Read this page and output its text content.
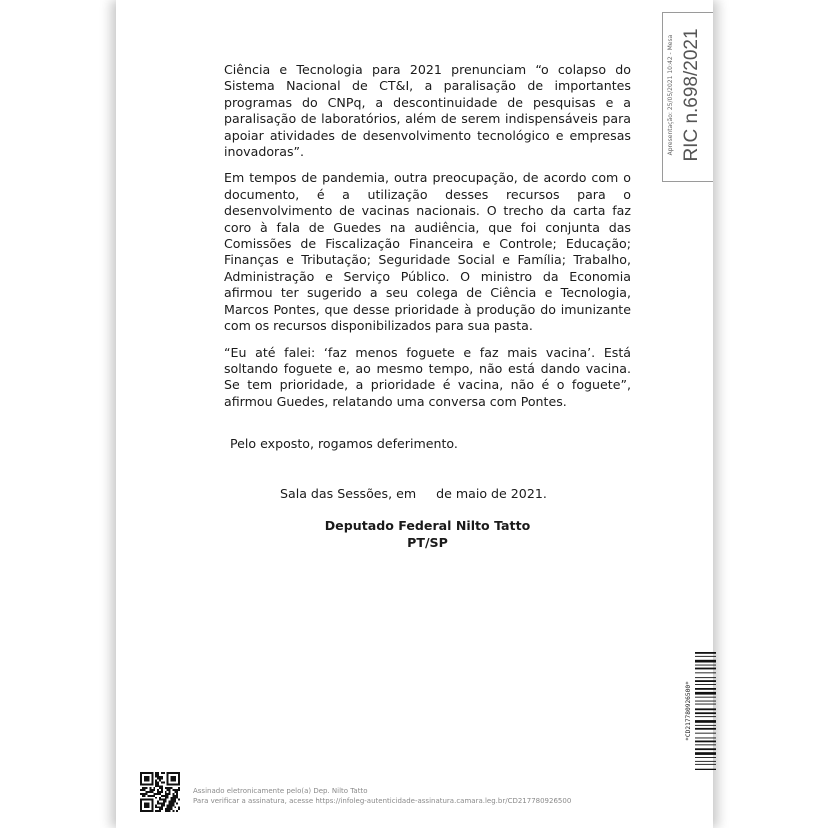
Ciência e Tecnologia para 2021 prenunciam “o colapso do Sistema Nacional de CT&I, a paralisação de importantes programas do CNPq, a descontinuidade de pesquisas e a paralisação de laboratórios, além de serem indispensáveis para apoiar atividades de desenvolvimento tecnológico e empresas inovadoras”.

Em tempos de pandemia, outra preocupação, de acordo com o documento, é a utilização desses recursos para o desenvolvimento de vacinas nacionais. O trecho da carta faz coro à fala de Guedes na audiência, que foi conjunta das Comissões de Fiscalização Financeira e Controle; Educação; Finanças e Tributação; Seguridade Social e Família; Trabalho, Administração e Serviço Público. O ministro da Economia afirmou ter sugerido a seu colega de Ciência e Tecnologia, Marcos Pontes, que desse prioridade à produção do imunizante com os recursos disponibilizados para sua pasta.

“Eu até falei: ‘faz menos foguete e faz mais vacina’. Está soltando foguete e, ao mesmo tempo, não está dando vacina. Se tem prioridade, a prioridade é vacina, não é o foguete”, afirmou Guedes, relatando uma conversa com Pontes.

Pelo exposto, rogamos deferimento.
Sala das Sessões, em de maio de 2021.
Deputado Federal Nilto Tatto
PT/SP
Apresentação: 25/05/2021 10:42 - Mesa RIC n.698/2021
*CD217780926500*
Assinado eletronicamente pelo(a) Dep. Nilto Tatto
Para verificar a assinatura, acesse https://infoleg-autenticidade-assinatura.camara.leg.br/CD217780926500
